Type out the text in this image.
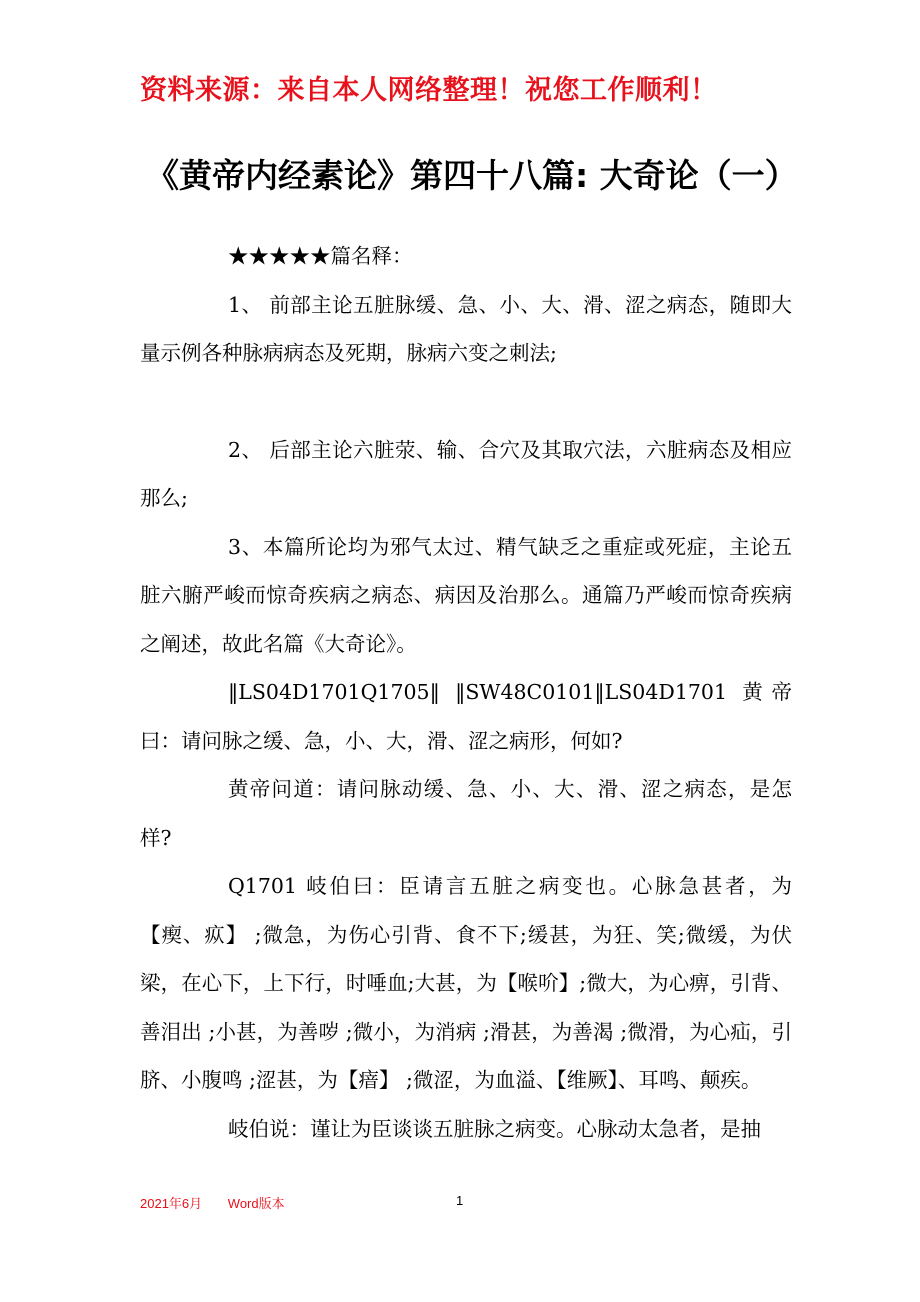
资料来源：来自本人网络整理！祝您工作顺利！
《黄帝内经素论》第四十八篇: 大奇论（一）

★★★★★篇名释：

1、 前部主论五脏脉缓、急、小、大、滑、涩之病态，随即大量示例各种脉病病态及死期，脉病六变之刺法;

2、 后部主论六脏荥、输、合穴及其取穴法，六脏病态及相应那么;

3、本篇所论均为邪气太过、精气缺乏之重症或死症，主论五脏六腑严峻而惊奇疾病之病态、病因及治那么。通篇乃严峻而惊奇疾病之阐述，故此名篇《大奇论》。

‖LS04D1701Q1705‖ ‖SW48C0101‖LS04D1701 黄帝曰：请问脉之缓、急，小、大，滑、涩之病形，何如?

黄帝问道：请问脉动缓、急、小、大、滑、涩之病态，是怎样?

Q1701 岐伯曰：臣请言五脏之病变也。心脉急甚者，为【瘈、疭】 ;微急，为伤心引背、食不下;缓甚，为狂、笑;微缓，为伏梁，在心下，上下行，时唾血;大甚，为【喉吤】;微大，为心痹，引背、善泪出 ;小甚，为善哕 ;微小，为消病 ;滑甚，为善渴 ;微滑，为心疝，引脐、小腹鸣 ;涩甚，为【瘖】 ;微涩，为血溢、【维厥】、耳鸣、颠疾。

岐伯说：谨让为臣谈谈五脏脉之病变。心脉动太急者，是抽

2021年6月 Word版本	1
